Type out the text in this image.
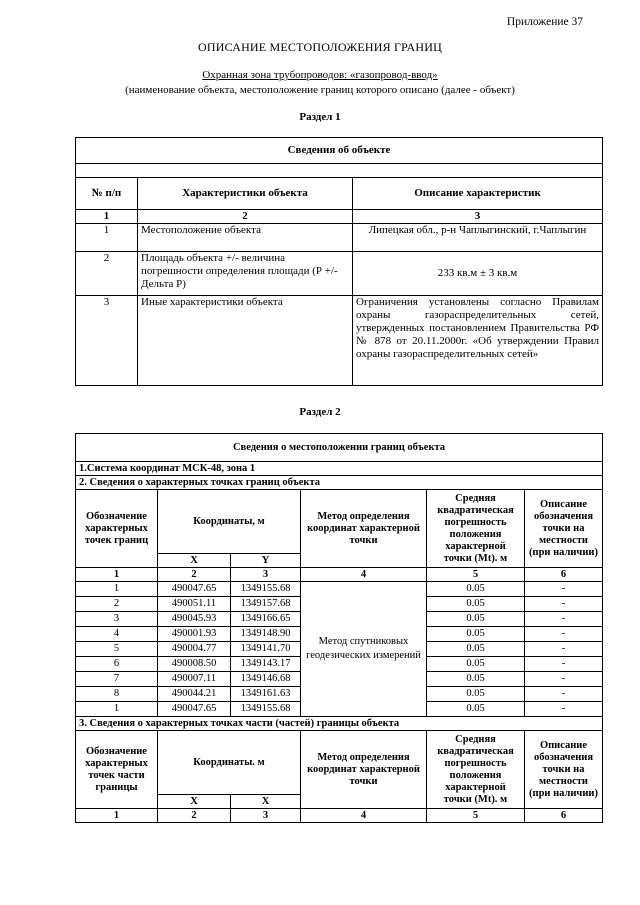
Приложение 37
ОПИСАНИЕ МЕСТОПОЛОЖЕНИЯ ГРАНИЦ
Охранная зона трубопроводов: «газопровод-ввод»
(наименование объекта, местоположение границ которого описано (далее - объект)
Раздел 1
Сведения об объекте		

№ п/п	Характеристики объекта	Описание характеристик
1	2	3
1	Местоположение объекта	Липецкая обл., р-н Чаплыгинский, г.Чаплыгин
2	Площадь объекта +/- величина погрешности определения площади (Р +/- Дельта Р)	233 кв.м ± 3 кв.м
3	Иные характеристики объекта	Ограничения установлены согласно Правилам охраны газораспределительных сетей, утвержденных постановлением Правительства РФ № 878 от 20.11.2000г. «Об утверждении Правил охраны газораспределительных сетей»
Раздел 2
Сведения о местоположении границ объекта					
1.Система координат МСК-48, зона 1					
2. Сведения о характерных точках границ объекта					
Обозначение характерных точек границ	Координаты, м		Метод определения координат характерной точки	Средняя квадратическая погрешность положения характерной точки (Mt). м	Описание обозначения точки на местности (при наличии)
	X	Y			
1	2	3	4	5	6
1	490047.65	1349155.68	Метод спутниковых геодезических измерений	0.05	-
2	490051.11	1349157.68		0.05	-
3	490045.93	1349166.65		0.05	-
4	490001.93	1349148.90		0.05	-
5	490004.77	1349141.70		0.05	-
6	490008.50	1349143.17		0.05	-
7	490007.11	1349146.68		0.05	-
8	490044.21	1349161.63		0.05	-
1	490047.65	1349155.68		0.05	-
3. Сведения о характерных точках части (частей) границы объекта					
Обозначение характерных точек части границы	Координаты. м		Метод определения координат характерной точки	Средняя квадратическая погрешность положения характерной точки (Mt). м	Описание обозначения точки на местности (при наличии)
	X	X			
1	2	3	4	5	6
